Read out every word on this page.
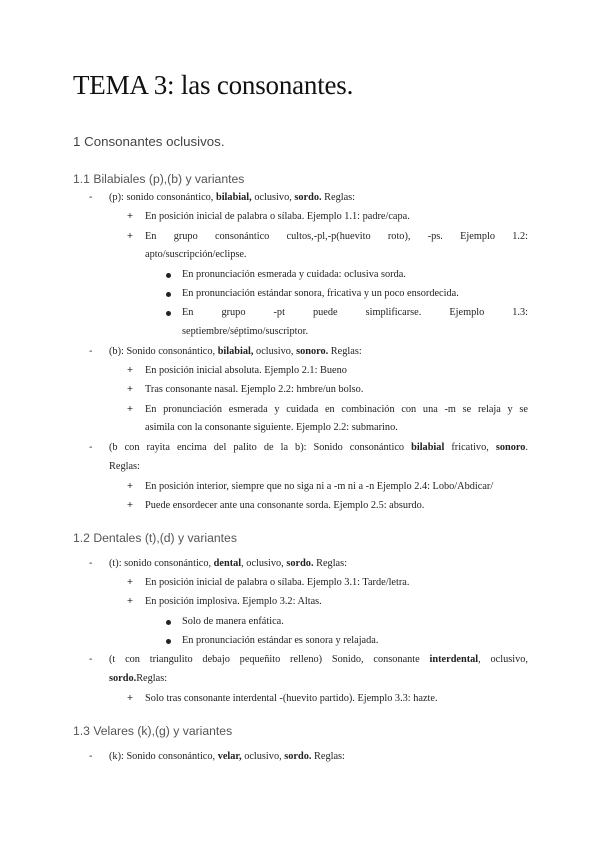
TEMA 3: las consonantes.
1 Consonantes oclusivos.
1.1 Bilabiales (p),(b) y variantes
- (p): sonido consonántico, bilabial, oclusivo, sordo. Reglas:
+ En posición inicial de palabra o sílaba. Ejemplo 1.1: padre/capa.
+ En grupo consonántico cultos,-pl,-p(huevito roto), -ps. Ejemplo 1.2:
apto/suscripción/eclipse.
En pronunciación esmerada y cuidada: oclusiva sorda.
En pronunciación estándar sonora, fricativa y un poco ensordecida.
En grupo -pt puede simplificarse. Ejemplo 1.3:
septiembre/séptimo/suscriptor.
- (b): Sonido consonántico, bilabial, oclusivo, sonoro. Reglas:
+ En posición inicial absoluta. Ejemplo 2.1: Bueno
+ Tras consonante nasal. Ejemplo 2.2: hmbre/un bolso.
+ En pronunciación esmerada y cuidada en combinación con una -m se relaja y se
asimila con la consonante siguiente. Ejemplo 2.2: submarino.
- (b con rayita encima del palito de la b): Sonido consonántico bilabial fricativo, sonoro.
Reglas:
+ En posición interior, siempre que no siga ni a -m ni a -n Ejemplo 2.4: Lobo/Abdicar/
+ Puede ensordecer ante una consonante sorda. Ejemplo 2.5: absurdo.
1.2 Dentales (t),(d) y variantes
- (t): sonido consonántico, dental, oclusivo, sordo. Reglas:
+ En posición inicial de palabra o sílaba. Ejemplo 3.1: Tarde/letra.
+ En posición implosiva. Ejemplo 3.2: Altas.
Solo de manera enfática.
En pronunciación estándar es sonora y relajada.
- (t con triangulito debajo pequeñito relleno) Sonido, consonante interdental, oclusivo,
sordo.Reglas:
+ Solo tras consonante interdental -(huevito partido). Ejemplo 3.3: hazte.
1.3 Velares (k),(g) y variantes
- (k): Sonido consonántico, velar, oclusivo, sordo. Reglas:
